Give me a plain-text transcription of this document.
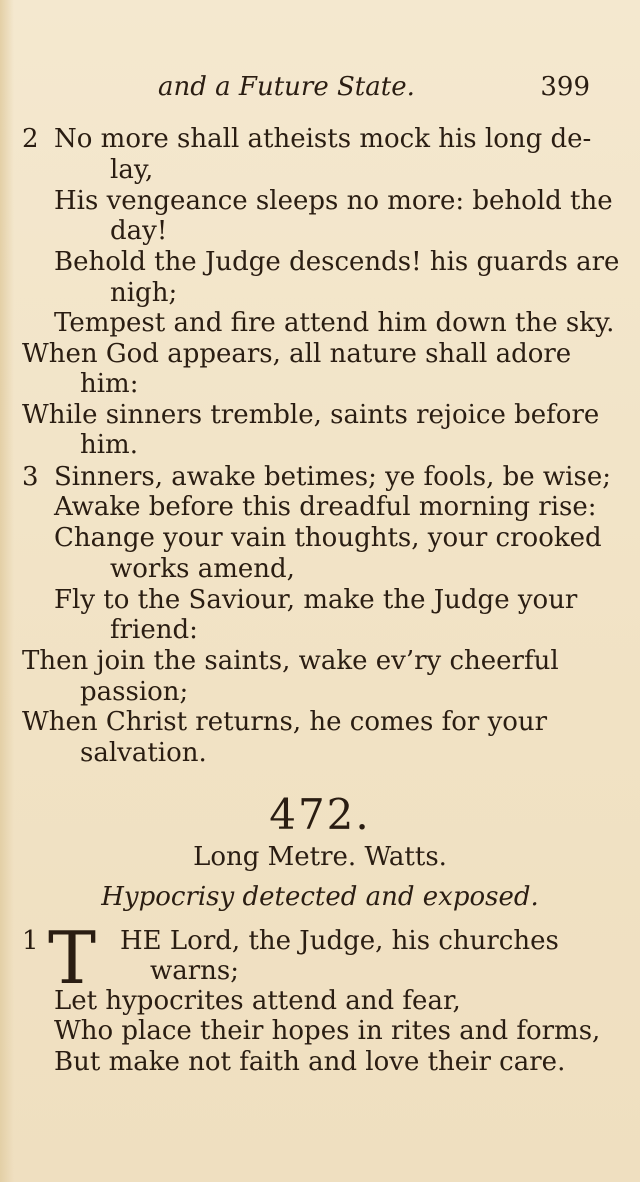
and a Future State.	399
2 No more shall atheists mock his long de-
lay,
His vengeance sleeps no more: behold the
day!
Behold the Judge descends! his guards are
nigh;
Tempest and fire attend him down the sky.
When God appears, all nature shall adore
him:
While sinners tremble, saints rejoice before
him.
3 Sinners, awake betimes; ye fools, be wise;
Awake before this dreadful morning rise:
Change your vain thoughts, your crooked
works amend,
Fly to the Saviour, make the Judge your
friend:
Then join the saints, wake ev’ry cheerful
passion;
When Christ returns, he comes for your
salvation.
472.
Long Metre. Watts.
Hypocrisy detected and exposed.
1 T HE Lord, the Judge, his churches
warns;
Let hypocrites attend and fear,
Who place their hopes in rites and forms,
But make not faith and love their care.
